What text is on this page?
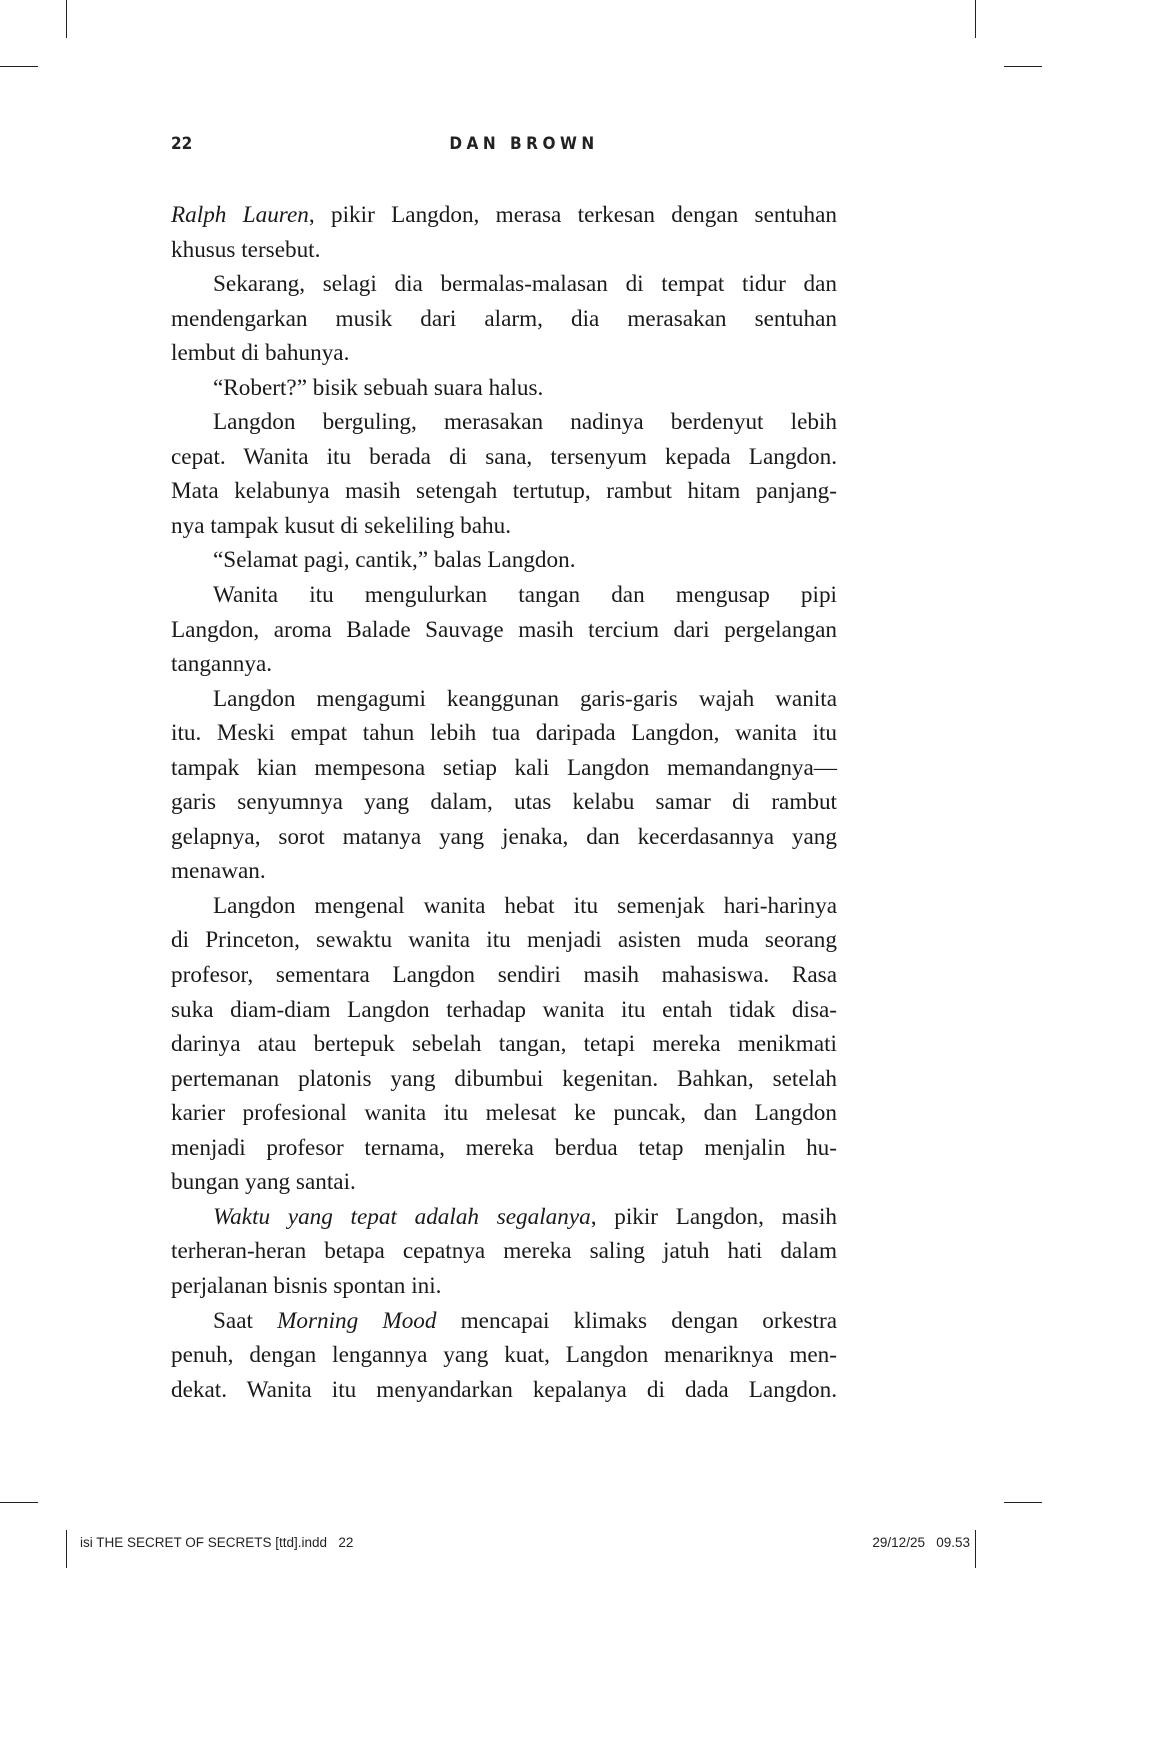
22	DAN BROWN
Ralph Lauren, pikir Langdon, merasa terkesan dengan sentuhan
khusus tersebut.
Sekarang, selagi dia bermalas-malasan di tempat tidur dan
mendengarkan musik dari alarm, dia merasakan sentuhan
lembut di bahunya.
“Robert?” bisik sebuah suara halus.
Langdon berguling, merasakan nadinya berdenyut lebih
cepat. Wanita itu berada di sana, tersenyum kepada Langdon.
Mata kelabunya masih setengah tertutup, rambut hitam panjang-
nya tampak kusut di sekeliling bahu.
“Selamat pagi, cantik,” balas Langdon.
Wanita itu mengulurkan tangan dan mengusap pipi
Langdon, aroma Balade Sauvage masih tercium dari pergelangan
tangannya.
Langdon mengagumi keanggunan garis-garis wajah wanita
itu. Meski empat tahun lebih tua daripada Langdon, wanita itu
tampak kian mempesona setiap kali Langdon memandangnya—
garis senyumnya yang dalam, utas kelabu samar di rambut
gelapnya, sorot matanya yang jenaka, dan kecerdasannya yang
menawan.
Langdon mengenal wanita hebat itu semenjak hari-harinya
di Princeton, sewaktu wanita itu menjadi asisten muda seorang
profesor, sementara Langdon sendiri masih mahasiswa. Rasa
suka diam-diam Langdon terhadap wanita itu entah tidak disa-
darinya atau bertepuk sebelah tangan, tetapi mereka menikmati
pertemanan platonis yang dibumbui kegenitan. Bahkan, setelah
karier profesional wanita itu melesat ke puncak, dan Langdon
menjadi profesor ternama, mereka berdua tetap menjalin hu-
bungan yang santai.
Waktu yang tepat adalah segalanya, pikir Langdon, masih
terheran-heran betapa cepatnya mereka saling jatuh hati dalam
perjalanan bisnis spontan ini.
Saat Morning Mood mencapai klimaks dengan orkestra
penuh, dengan lengannya yang kuat, Langdon menariknya men-
dekat. Wanita itu menyandarkan kepalanya di dada Langdon.
isi THE SECRET OF SECRETS [ttd].indd   22	29/12/25   09.53
